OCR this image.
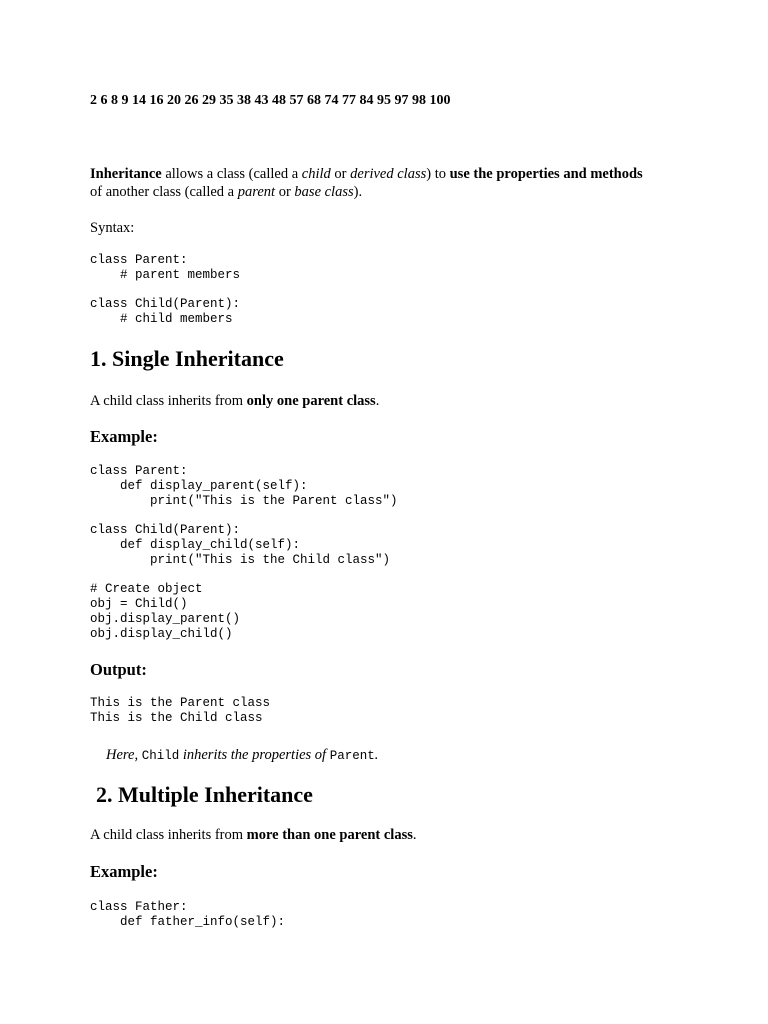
2 6 8 9 14 16 20 26 29 35 38 43 48 57 68 74 77 84 95 97 98 100

Inheritance allows a class (called a child or derived class) to use the properties and methods

of another class (called a parent or base class).

Syntax:

class Parent:
# parent members

class Child(Parent):
# child members
1. Single Inheritance

A child class inherits from only one parent class.

Example:
class Parent:
def display_parent(self):
print("This is the Parent class")

class Child(Parent):
def display_child(self):
print("This is the Child class")

# Create object
obj = Child()
obj.display_parent()
obj.display_child()
Output:
This is the Parent class
This is the Child class

Here, Child inherits the properties of Parent.

2. Multiple Inheritance

A child class inherits from more than one parent class.

Example:
class Father:
def father_info(self):
